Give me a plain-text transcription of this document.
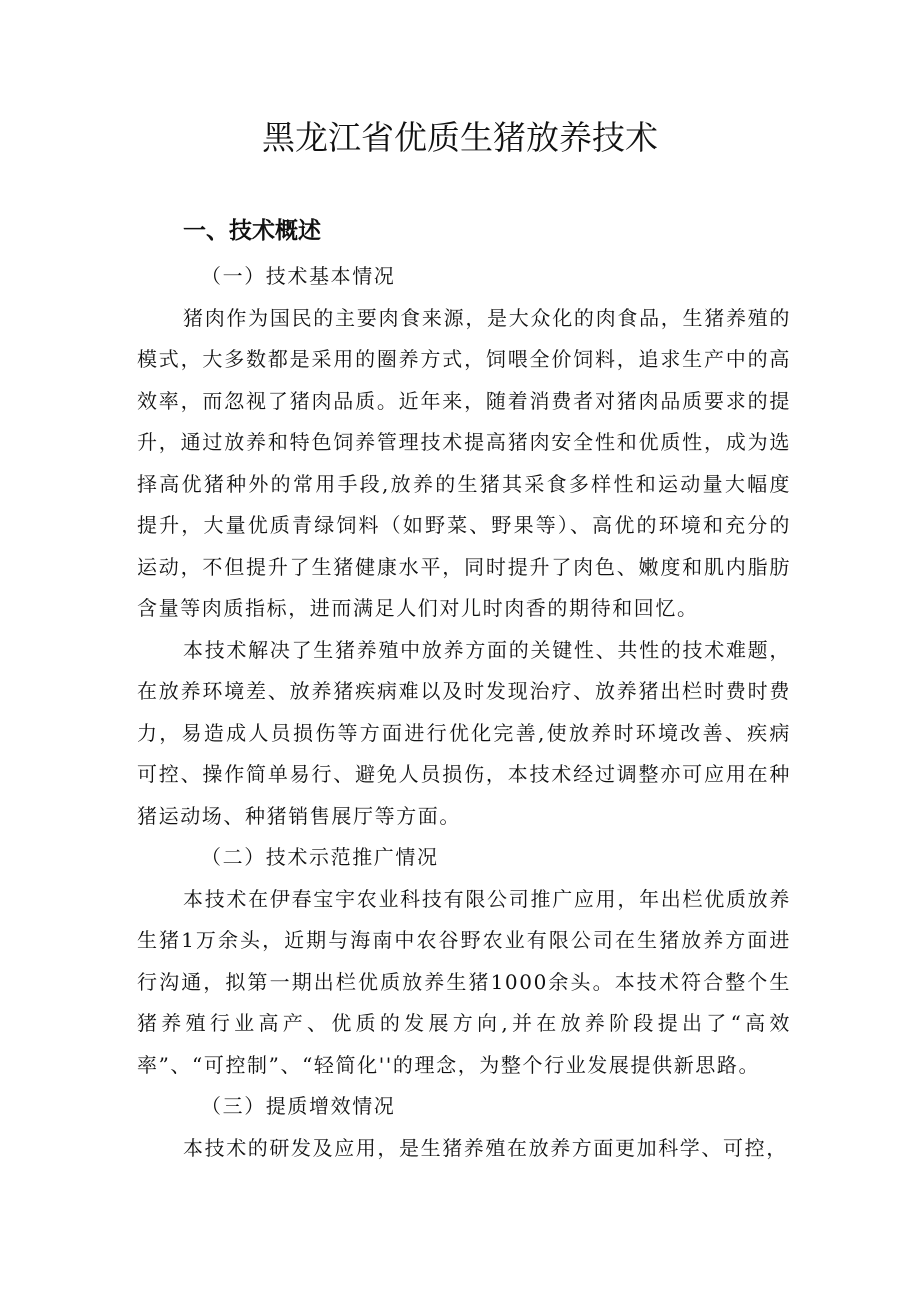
黑龙江省优质生猪放养技术
一、技术概述

（一）技术基本情况

猪肉作为国民的主要肉食来源，是大众化的肉食品，生猪养殖的模式，大多数都是采用的圈养方式，饲喂全价饲料，追求生产中的高效率，而忽视了猪肉品质。近年来，随着消费者对猪肉品质要求的提升，通过放养和特色饲养管理技术提高猪肉安全性和优质性，成为选择高优猪种外的常用手段,放养的生猪其采食多样性和运动量大幅度提升，大量优质青绿饲料（如野菜、野果等）、高优的环境和充分的运动，不但提升了生猪健康水平，同时提升了肉色、嫩度和肌内脂肪含量等肉质指标，进而满足人们对儿时肉香的期待和回忆。

本技术解决了生猪养殖中放养方面的关键性、共性的技术难题，在放养环境差、放养猪疾病难以及时发现治疗、放养猪出栏时费时费力，易造成人员损伤等方面进行优化完善,使放养时环境改善、疾病可控、操作简单易行、避免人员损伤，本技术经过调整亦可应用在种猪运动场、种猪销售展厅等方面。

（二）技术示范推广情况

本技术在伊春宝宇农业科技有限公司推广应用，年出栏优质放养生猪1万余头，近期与海南中农谷野农业有限公司在生猪放养方面进行沟通，拟第一期出栏优质放养生猪1000余头。本技术符合整个生猪养殖行业高产、优质的发展方向,并在放养阶段提出了“高效率”、“可控制”、“轻简化''的理念，为整个行业发展提供新思路。

（三）提质增效情况

本技术的研发及应用，是生猪养殖在放养方面更加科学、可控，
